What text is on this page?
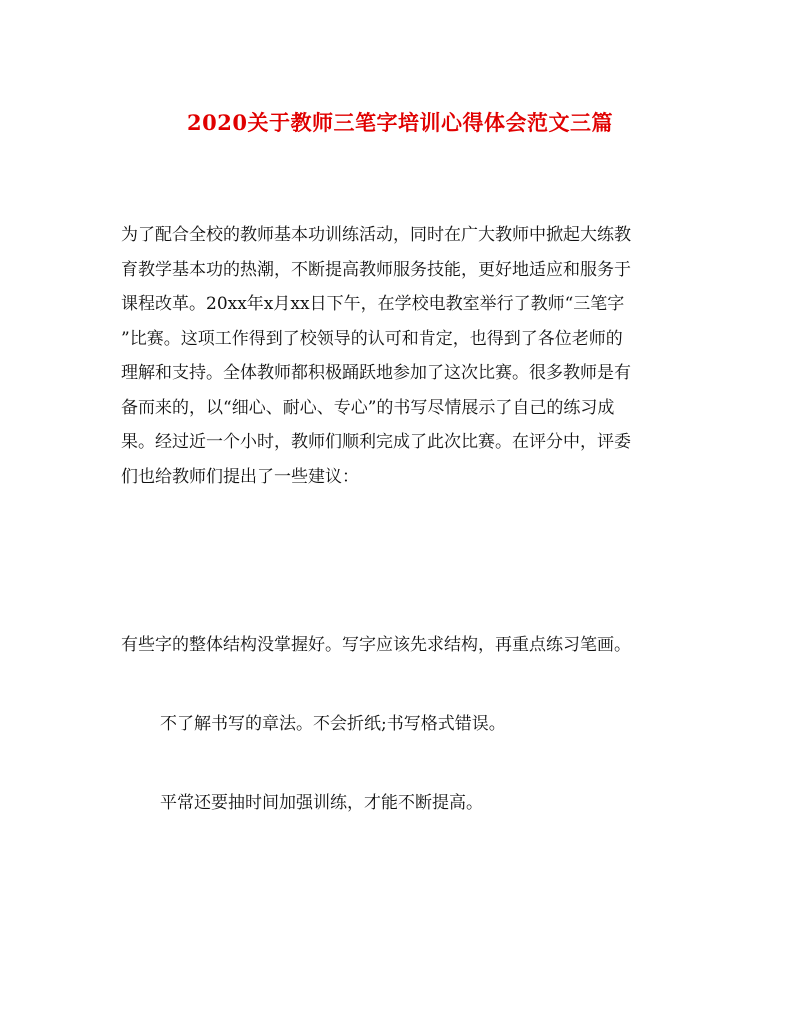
2020关于教师三笔字培训心得体会范文三篇
为了配合全校的教师基本功训练活动，同时在广大教师中掀起大练教
育教学基本功的热潮，不断提高教师服务技能，更好地适应和服务于
课程改革。20xx年x月xx日下午，在学校电教室举行了教师“三笔字
”比赛。这项工作得到了校领导的认可和肯定，也得到了各位老师的
理解和支持。全体教师都积极踊跃地参加了这次比赛。很多教师是有
备而来的，以“细心、耐心、专心”的书写尽情展示了自己的练习成
果。经过近一个小时，教师们顺利完成了此次比赛。在评分中，评委
们也给教师们提出了一些建议：
有些字的整体结构没掌握好。写字应该先求结构，再重点练习笔画。
不了解书写的章法。不会折纸;书写格式错误。
平常还要抽时间加强训练，才能不断提高。
